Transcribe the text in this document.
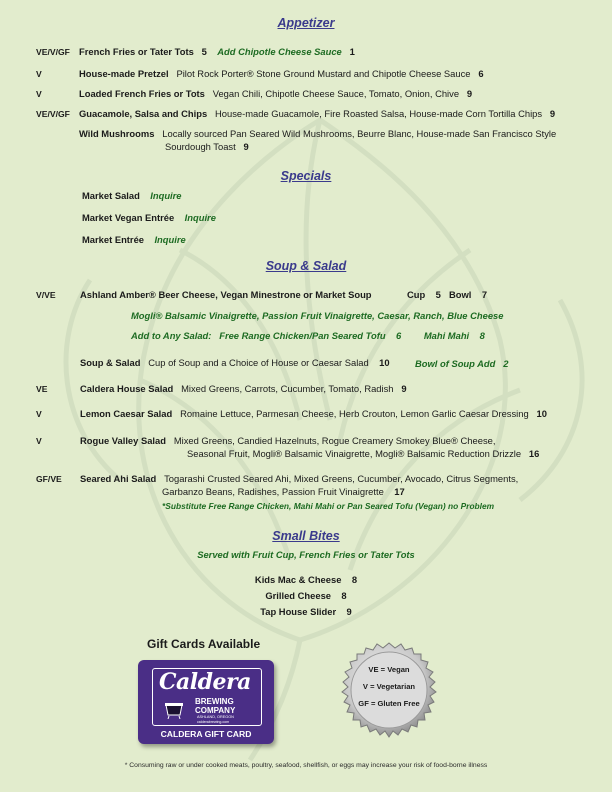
Appetizer
VE/V/GF French Fries or Tater Tots 5 Add Chipotle Cheese Sauce 1
V	House-made Pretzel Pilot Rock Porter® Stone Ground Mustard and Chipotle Cheese Sauce 6
V	Loaded French Fries or Tots Vegan Chili, Chipotle Cheese Sauce, Tomato, Onion, Chive 9
VE/V/GF Guacamole, Salsa and Chips House-made Guacamole, Fire Roasted Salsa, House-made Corn Tortilla Chips 9
Wild Mushrooms Locally sourced Pan Seared Wild Mushrooms, Beurre Blanc, House-made San Francisco Style
Sourdough Toast 9
Specials
Market Salad Inquire
Market Vegan Entrée Inquire
Market Entrée Inquire
Soup & Salad
V/VE	Ashland Amber® Beer Cheese, Vegan Minestrone or Market Soup	Cup 5 Bowl 7
Mogli® Balsamic Vinaigrette, Passion Fruit Vinaigrette, Caesar, Ranch, Blue Cheese
Add to Any Salad: Free Range Chicken/Pan Seared Tofu 6 Mahi Mahi 8
Soup & Salad Cup of Soup and a Choice of House or Caesar Salad 10	Bowl of Soup Add 2
VE	Caldera House Salad Mixed Greens, Carrots, Cucumber, Tomato, Radish 9
V	Lemon Caesar Salad Romaine Lettuce, Parmesan Cheese, Herb Crouton, Lemon Garlic Caesar Dressing 10
V	Rogue Valley Salad Mixed Greens, Candied Hazelnuts, Rogue Creamery Smokey Blue® Cheese,
Seasonal Fruit, Mogli® Balsamic Vinaigrette, Mogli® Balsamic Reduction Drizzle 16
GF/VE Seared Ahi Salad Togarashi Crusted Seared Ahi, Mixed Greens, Cucumber, Avocado, Citrus Segments,
Garbanzo Beans, Radishes, Passion Fruit Vinaigrette 17
*Substitute Free Range Chicken, Mahi Mahi or Pan Seared Tofu (Vegan) no Problem
Small Bites
Served with Fruit Cup, French Fries or Tater Tots
Kids Mac & Cheese 8
Grilled Cheese 8
Tap House Slider 9
Gift Cards Available
Caldera
BREWING
COMPANY
ASHLAND, OREGON
calderabrewing.com
CALDERA GIFT CARD
VE = Vegan
V = Vegetarian
GF = Gluten Free
* Consuming raw or under cooked meats, poultry, seafood, shellfish, or eggs may increase your risk of food-borne illness
